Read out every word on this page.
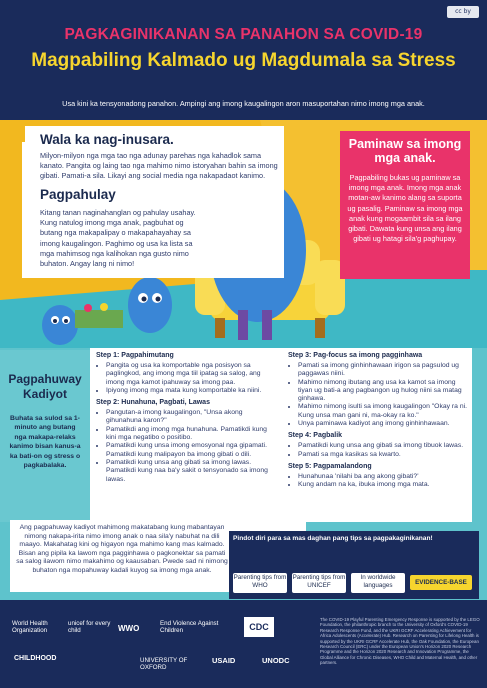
cc by
PAGKAGINIKANAN SA PANAHON SA COVID-19
Magpabiling Kalmado ug Magdumala sa Stress
Usa kini ka tensyonadong panahon. Ampingi ang imong kaugalingon aron masuportahan nimo imong mga anak.
Wala ka nag-inusara.
Milyon-milyon nga mga tao nga adunay parehas nga kahadlok sama kanato. Pangita og laing tao nga mahimo nimo istoryahan bahin sa imong gibati. Pamati-a sila. Likayi ang social media nga nakapadaot kanimo.
Pagpahulay
Kitang tanan naginahanglan og pahulay usahay. Kung natulog imong mga anak, pagbuhat og butang nga makapalipay o makapahayahay sa imong kaugalingon. Paghimo og usa ka lista sa mga mahimsog nga kalihokan nga gusto nimo buhaton. Angay lang ni nimo!
Paminaw sa imong mga anak.
Pagpabiling bukas ug paminaw sa imong mga anak. Imong mga anak motan-aw kanimo alang sa suporta ug pasalig. Paminaw sa imong mga anak kung mogaambit sila sa ilang gibati. Dawata kung unsa ang ilang gibati ug hatagi sila'g paghupay.
Pagpahuway Kadiyot
Buhata sa sulod sa 1-minuto ang butang nga makapa-relaks kanimo bisan kanus-a ka bati-on og stress o pagkabalaka.
Step 1: Pagpahimutang
• Pangita og usa ka komportable nga posisyon sa paglingkod, ang imong mga tiil ipatag sa salog, ang imong mga kamot ipahuway sa imong paa.
• Ipiyong imong mga mata kung komportable ka niini.
Step 2: Hunahuna, Pagbati, Lawas
• Pangutan-a imong kaugalingon, "Unsa akong gihunahuna karon?"
• Pamatikdi ang imong mga hunahuna. Pamatikdi kung kini mga negatibo o positibo.
• Pamatikdi kung unsa imong emosyonal nga gipamati. Pamatikdi kung malipayon ba imong gibati o dili.
• Pamatikdi kung unsa ang gibati sa imong lawas. Pamatikdi kung naa ba'y sakit o tensyonado sa imong lawas.
Step 3: Pag-focus sa imong pagginhawa
• Pamati sa imong ginhinhawaan irigon sa pagsulod ug paggawas niini.
• Mahimo nimong ibutang ang usa ka kamot sa imong tiyan ug bati-a ang pagbangon ug hulog niini sa matag ginhawa.
• Mahimo nimong isulti sa imong kaugalingon "Okay ra ni. Kung unsa man gani ni, ma-okay ra ko."
• Unya paminawa kadiyot ang imong ginhinhawaan.
Step 4: Pagbalik
• Pamatikdi kung unsa ang gibati sa imong tibuok lawas.
• Pamati sa mga kasikas sa kwarto.
Step 5: Pagpamalandong
• Hunahunaa 'nilahi ba ang akong gibati?'
• Kung andam na ka, ibuka imong mga mata.
Ang pagpahuway kadiyot mahimong makatabang kung mabantayan nimong nakapa-irita nimo imong anak o naa sila'y nabuhat na dili maayo. Makahatag kini og higayon nga mahimo kang mas kalmado. Bisan ang pipila ka lawom nga pagginhawa o pagkonektar sa pamati sa salog ilawom nimo makahimo og kaausaban. Pwede sad ni nimong buhaton nga mopahuway kadali kuyog sa imong mga anak.
Pindot diri para sa mas daghan pang tips sa pagpakaginikanan!
Parenting tips from WHO
Parenting tips from UNICEF
In worldwide languages	EVIDENCE-BASE
World Health Organization
unicef for every child	WWO
End Violence Against Children	CDC
CHILDHOOD	UNIVERSITY OF OXFORD
USAID	UNODC
The COVID-19 Playful Parenting Emergency Response is supported by the LEGO Foundation, the philanthropic branch to the University of Oxford's COVID-19 Research Response Fund, and the UKRI GCRF Accelerating Achievement for Africa Adolescents (Accelerate) Hub. Research on Parenting for Lifelong Health is supported by the UKRI GCRF Accelerate Hub, the Oak Foundation, the European Research Council (ERC) under the European Union's Horizon 2020 Research Programme and the Horizon 2020 Research and Innovation Programme, the Global Alliance for Chronic Diseases, WHO Child and Maternal Health, and other partners.
